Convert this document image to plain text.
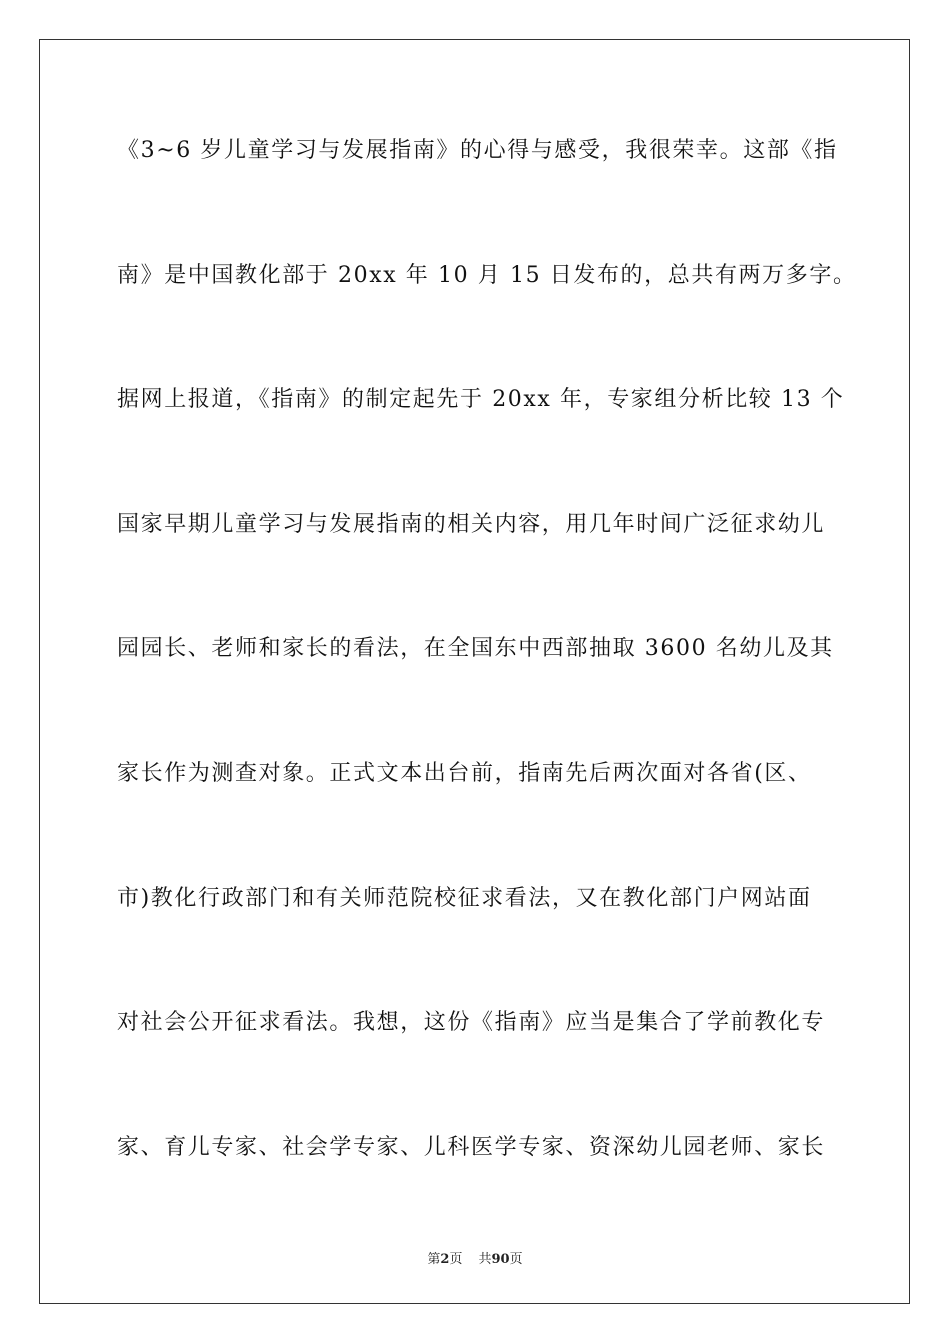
《3~6 岁儿童学习与发展指南》的心得与感受，我很荣幸。这部《指
南》是中国教化部于 20xx 年 10 月 15 日发布的，总共有两万多字。
据网上报道，《指南》的制定起先于 20xx 年，专家组分析比较 13 个
国家早期儿童学习与发展指南的相关内容，用几年时间广泛征求幼儿
园园长、老师和家长的看法，在全国东中西部抽取 3600 名幼儿及其
家长作为测查对象。正式文本出台前，指南先后两次面对各省(区、
市)教化行政部门和有关师范院校征求看法，又在教化部门户网站面
对社会公开征求看法。我想，这份《指南》应当是集合了学前教化专
家、育儿专家、社会学专家、儿科医学专家、资深幼儿园老师、家长
第2页 共90页
